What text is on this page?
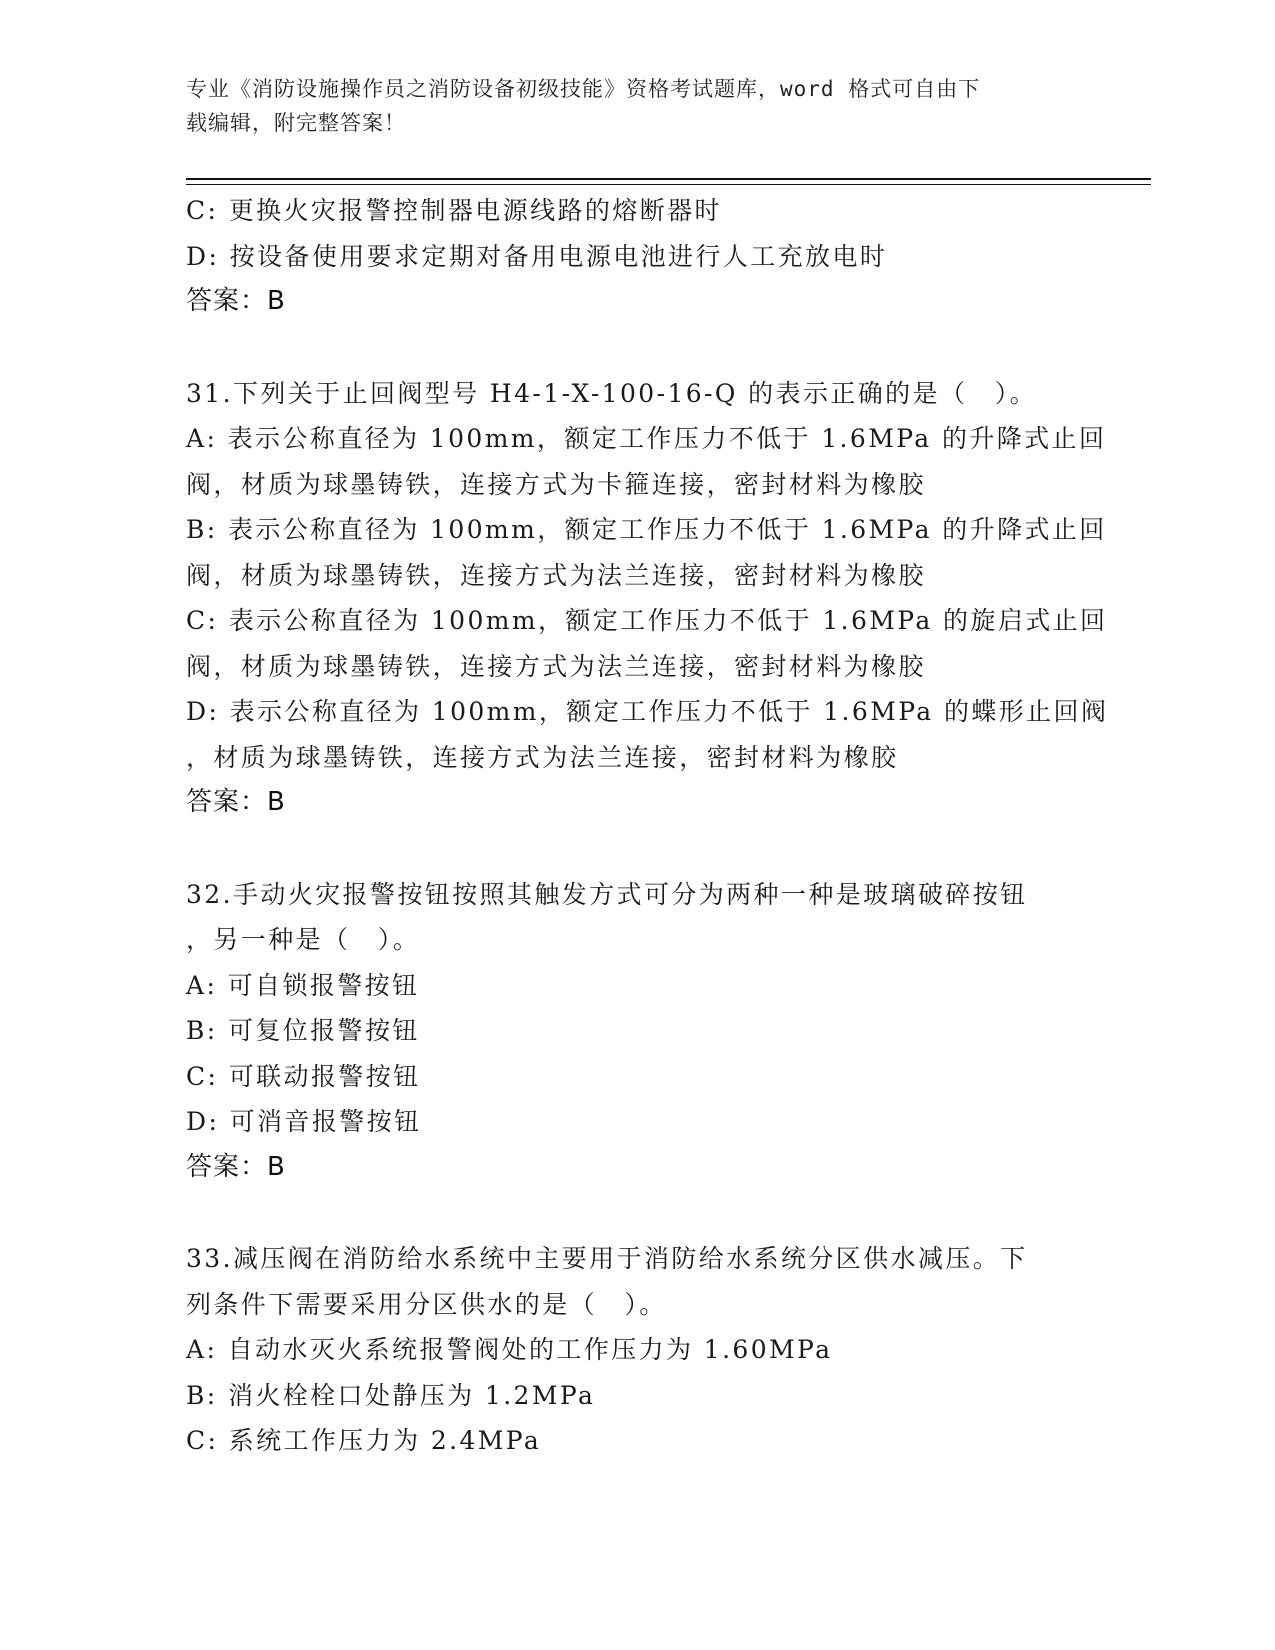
专业《消防设施操作员之消防设备初级技能》资格考试题库，word 格式可自由下
载编辑，附完整答案！
C: 更换火灾报警控制器电源线路的熔断器时
D: 按设备使用要求定期对备用电源电池进行人工充放电时
答案：B
31.下列关于止回阀型号 H4-1-X-100-16-Q 的表示正确的是（　）。
A: 表示公称直径为 100mm，额定工作压力不低于 1.6MPa 的升降式止回
阀，材质为球墨铸铁，连接方式为卡箍连接，密封材料为橡胶
B: 表示公称直径为 100mm，额定工作压力不低于 1.6MPa 的升降式止回
阀，材质为球墨铸铁，连接方式为法兰连接，密封材料为橡胶
C: 表示公称直径为 100mm，额定工作压力不低于 1.6MPa 的旋启式止回
阀，材质为球墨铸铁，连接方式为法兰连接，密封材料为橡胶
D: 表示公称直径为 100mm，额定工作压力不低于 1.6MPa 的蝶形止回阀
，材质为球墨铸铁，连接方式为法兰连接，密封材料为橡胶
答案：B
32.手动火灾报警按钮按照其触发方式可分为两种一种是玻璃破碎按钮
，另一种是（　）。
A: 可自锁报警按钮
B: 可复位报警按钮
C: 可联动报警按钮
D: 可消音报警按钮
答案：B
33.减压阀在消防给水系统中主要用于消防给水系统分区供水减压。下
列条件下需要采用分区供水的是（　）。
A: 自动水灭火系统报警阀处的工作压力为 1.60MPa
B: 消火栓栓口处静压为 1.2MPa
C: 系统工作压力为 2.4MPa
